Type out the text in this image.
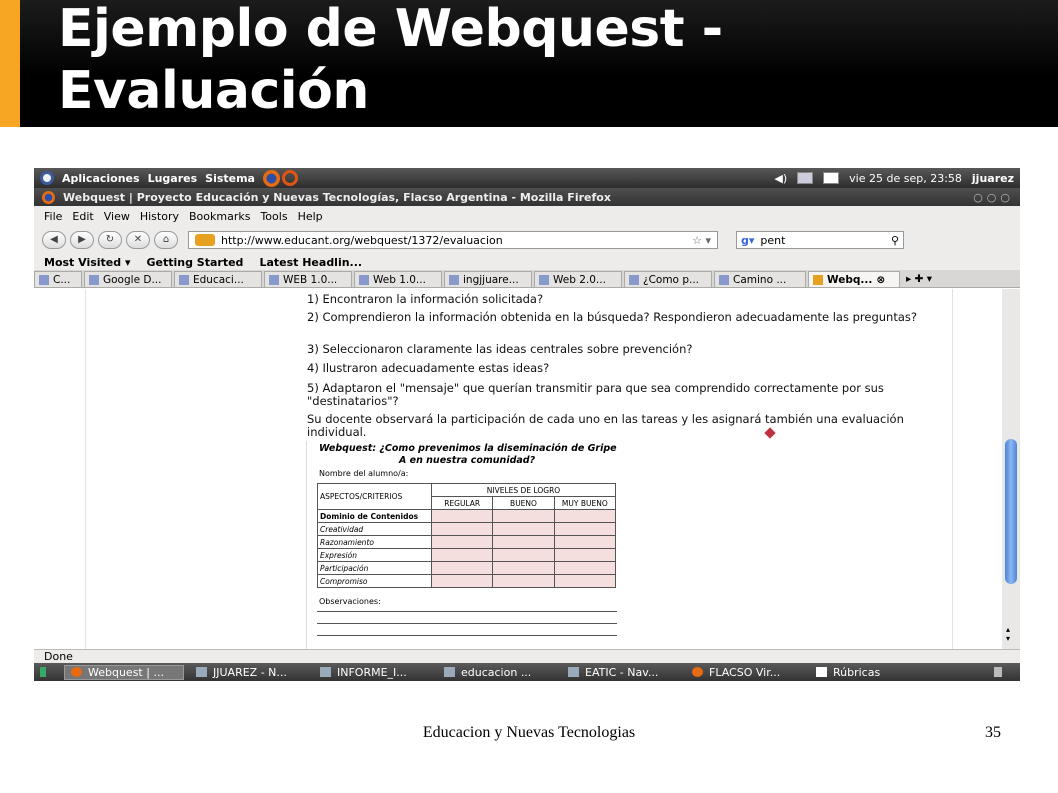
Ejemplo de Webquest - Evaluación
Aplicaciones Lugares Sistema	◀)	vie 25 de sep, 23:58 jjuarez
Webquest | Proyecto Educación y Nuevas Tecnologías, Flacso Argentina - Mozilla Firefox	○○○
File Edit View History Bookmarks Tools Help
◀	▶	↻	✕	⌂	http://www.educant.org/webquest/1372/evaluacion	☆ ▾	g▾ pent	⚲
Most Visited ▾ Getting Started Latest Headlin...
C...	Google D...	Educaci...	WEB 1.0...	Web 1.0...	ingjjuare...	Web 2.0...	¿Como p...	Camino ...	Webq... ⊗	▸ ✚ ▾

1) Encontraron la información solicitada?

2) Comprendieron la información obtenida en la búsqueda? Respondieron adecuadamente las preguntas?

3) Seleccionaron claramente las ideas centrales sobre prevención?

4) Ilustraron adecuadamente estas ideas?

5) Adaptaron el "mensaje" que querían transmitir para que sea comprendido correctamente por sus "destinatarios"?

Su docente observará la participación de cada uno en las tareas y les asignará también una evaluación individual.

Webquest: ¿Como prevenimos la diseminación de Gripe
A en nuestra comunidad?
Nombre del alumno/a:
ASPECTOS/CRITERIOS	NIVELES DE LOGRO		
	REGULAR	BUENO	MUY BUENO
Dominio de Contenidos			
Creatividad			
Razonamiento			
Expresión			
Participación			
Compromiso			
Observaciones:
▴
▾
Done
Webquest | ...	JJUAREZ - N...	INFORME_I...	educacion ...	EATIC - Nav...	FLACSO Vir...	Rúbricas
Educacion y Nuevas Tecnologias	35
